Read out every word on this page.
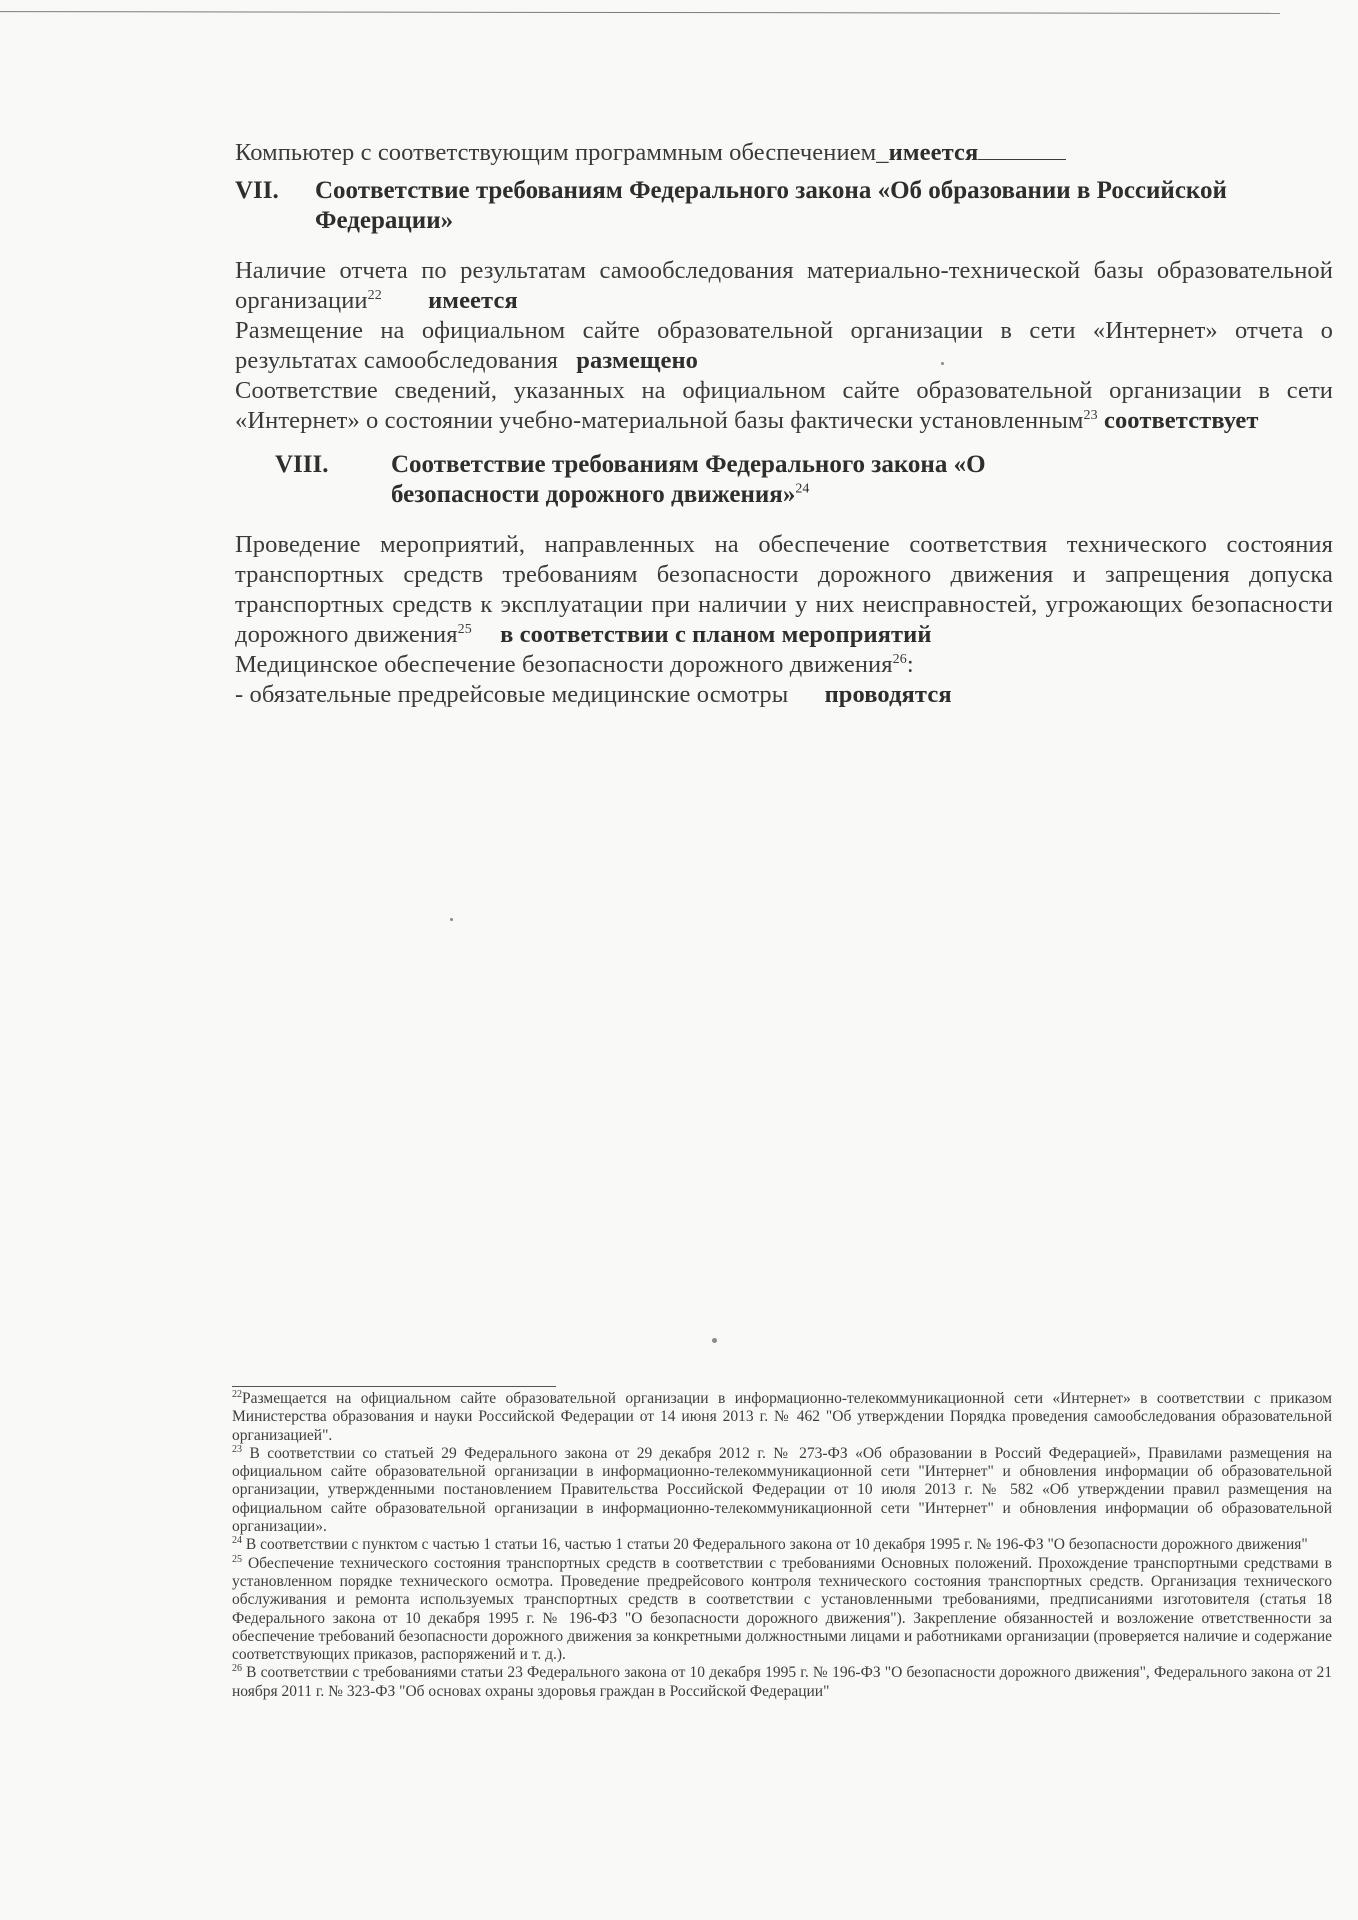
Компьютер с соответствующим программным обеспечением_имеется

VII.	Соответствие требованиям Федерального закона «Об образовании в Российской Федерации»

Наличие отчета по результатам самообследования материально-технической базы образовательной организации$^{22}$ имеется

Размещение на официальном сайте образовательной организации в сети «Интернет» отчета о результатах самообследования размещено

Соответствие сведений, указанных на официальном сайте образовательной организации в сети «Интернет» о состоянии учебно-материальной базы фактически установленным$^{23}$ соответствует

VIII.	Соответствие требованиям Федерального закона «О безопасности дорожного движения»$^{24}$

Проведение мероприятий, направленных на обеспечение соответствия технического состояния транспортных средств требованиям безопасности дорожного движения и запрещения допуска транспортных средств к эксплуатации при наличии у них неисправностей, угрожающих безопасности дорожного движения$^{25}$ в соответствии с планом мероприятий

Медицинское обеспечение безопасности дорожного движения$^{26}$:

- обязательные предрейсовые медицинские осмотры проводятся

$^{22}$Размещается на официальном сайте образовательной организации в информационно-телекоммуникационной сети «Интернет» в соответствии с приказом Министерства образования и науки Российской Федерации от 14 июня 2013 г. № 462 "Об утверждении Порядка проведения самообследования образовательной организацией".

$^{23}$ В соответствии со статьей 29 Федерального закона от 29 декабря 2012 г. № 273-ФЗ «Об образовании в Россий Федерацией», Правилами размещения на официальном сайте образовательной организации в информационно-телекоммуникационной сети "Интернет" и обновления информации об образовательной организации, утвержденными постановлением Правительства Российской Федерации от 10 июля 2013 г. № 582 «Об утверждении правил размещения на официальном сайте образовательной организации в информационно-телекоммуникационной сети "Интернет" и обновления информации об образовательной организации».

$^{24}$ В соответствии с пунктом с частью 1 статьи 16, частью 1 статьи 20 Федерального закона от 10 декабря 1995 г. № 196-ФЗ "О безопасности дорожного движения"

$^{25}$ Обеспечение технического состояния транспортных средств в соответствии с требованиями Основных положений. Прохождение транспортными средствами в установленном порядке технического осмотра. Проведение предрейсового контроля технического состояния транспортных средств. Организация технического обслуживания и ремонта используемых транспортных средств в соответствии с установленными требованиями, предписаниями изготовителя (статья 18 Федерального закона от 10 декабря 1995 г. № 196-ФЗ "О безопасности дорожного движения"). Закрепление обязанностей и возложение ответственности за обеспечение требований безопасности дорожного движения за конкретными должностными лицами и работниками организации (проверяется наличие и содержание соответствующих приказов, распоряжений и т. д.).

$^{26}$ В соответствии с требованиями статьи 23 Федерального закона от 10 декабря 1995 г. № 196-ФЗ "О безопасности дорожного движения", Федерального закона от 21 ноября 2011 г. № 323-ФЗ "Об основах охраны здоровья граждан в Российской Федерации"
